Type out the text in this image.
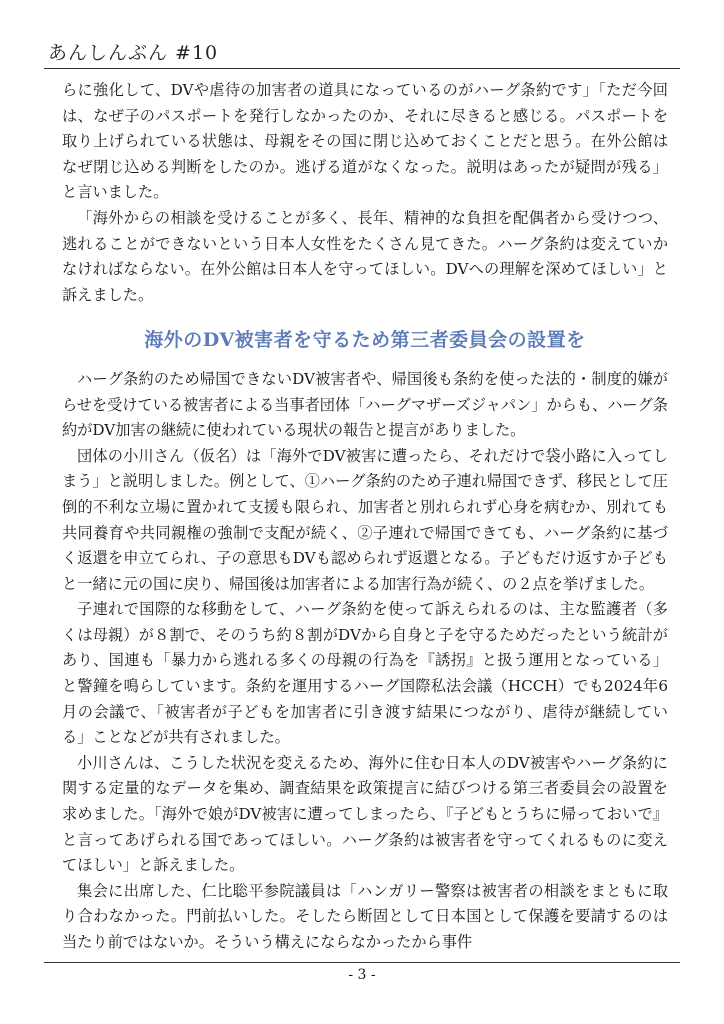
あんしんぶん #10

らに強化して、DVや虐待の加害者の道具になっているのがハーグ条約です」「ただ今回は、なぜ子のパスポートを発行しなかったのか、それに尽きると感じる。パスポートを取り上げられている状態は、母親をその国に閉じ込めておくことだと思う。在外公館はなぜ閉じ込める判断をしたのか。逃げる道がなくなった。説明はあったが疑問が残る」と言いました。

「海外からの相談を受けることが多く、長年、精神的な負担を配偶者から受けつつ、逃れることができないという日本人女性をたくさん見てきた。ハーグ条約は変えていかなければならない。在外公館は日本人を守ってほしい。DVへの理解を深めてほしい」と訴えました。

海外のDV被害者を守るため第三者委員会の設置を

ハーグ条約のため帰国できないDV被害者や、帰国後も条約を使った法的・制度的嫌がらせを受けている被害者による当事者団体「ハーグマザーズジャパン」からも、ハーグ条約がDV加害の継続に使われている現状の報告と提言がありました。

団体の小川さん（仮名）は「海外でDV被害に遭ったら、それだけで袋小路に入ってしまう」と説明しました。例として、①ハーグ条約のため子連れ帰国できず、移民として圧倒的不利な立場に置かれて支援も限られ、加害者と別れられず心身を病むか、別れても共同養育や共同親権の強制で支配が続く、②子連れで帰国できても、ハーグ条約に基づく返還を申立てられ、子の意思もDVも認められず返還となる。子どもだけ返すか子どもと一緒に元の国に戻り、帰国後は加害者による加害行為が続く、の２点を挙げました。

子連れで国際的な移動をして、ハーグ条約を使って訴えられるのは、主な監護者（多くは母親）が８割で、そのうち約８割がDVから自身と子を守るためだったという統計があり、国連も「暴力から逃れる多くの母親の行為を『誘拐』と扱う運用となっている」と警鐘を鳴らしています。条約を運用するハーグ国際私法会議（HCCH）でも2024年6月の会議で、「被害者が子どもを加害者に引き渡す結果につながり、虐待が継続している」ことなどが共有されました。

小川さんは、こうした状況を変えるため、海外に住む日本人のDV被害やハーグ条約に関する定量的なデータを集め、調査結果を政策提言に結びつける第三者委員会の設置を求めました。「海外で娘がDV被害に遭ってしまったら、『子どもとうちに帰っておいで』と言ってあげられる国であってほしい。ハーグ条約は被害者を守ってくれるものに変えてほしい」と訴えました。

集会に出席した、仁比聡平参院議員は「ハンガリー警察は被害者の相談をまともに取り合わなかった。門前払いした。そしたら断固として日本国として保護を要請するのは当たり前ではないか。そういう構えにならなかったから事件

- 3 -
